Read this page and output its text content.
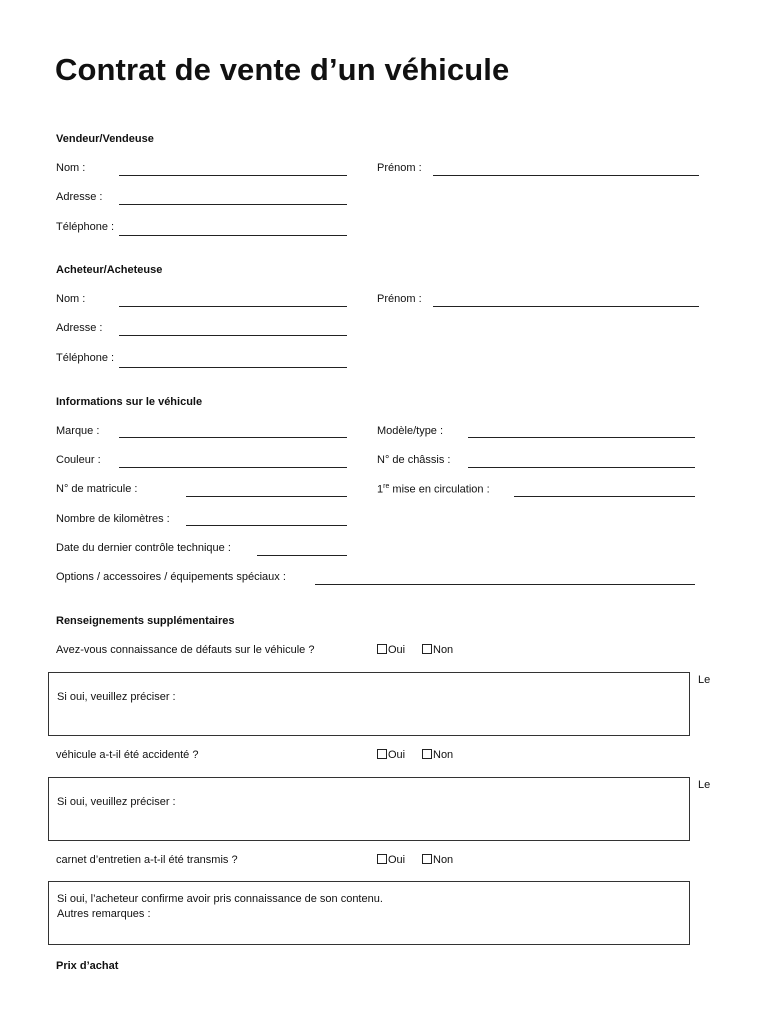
Contrat de vente d’un véhicule
Vendeur/Vendeuse
Nom :	Prénom :
Adresse :
Téléphone :
Acheteur/Acheteuse
Nom :	Prénom :
Adresse :
Téléphone :
Informations sur le véhicule
Marque :	Modèle/type :
Couleur :	N° de châssis :
N° de matricule :	1re mise en circulation :
Nombre de kilomètres :
Date du dernier contrôle technique :
Options / accessoires / équipements spéciaux :
Renseignements supplémentaires
Avez-vous connaissance de défauts sur le véhicule ?	Oui	Non
Le
Si oui, veuillez préciser :
véhicule a-t-il été accidenté ?	Oui	Non
Le
Si oui, veuillez préciser :
carnet d’entretien a-t-il été transmis ?	Oui	Non
Si oui, l’acheteur confirme avoir pris connaissance de son contenu.
Autres remarques :
Prix d’achat
